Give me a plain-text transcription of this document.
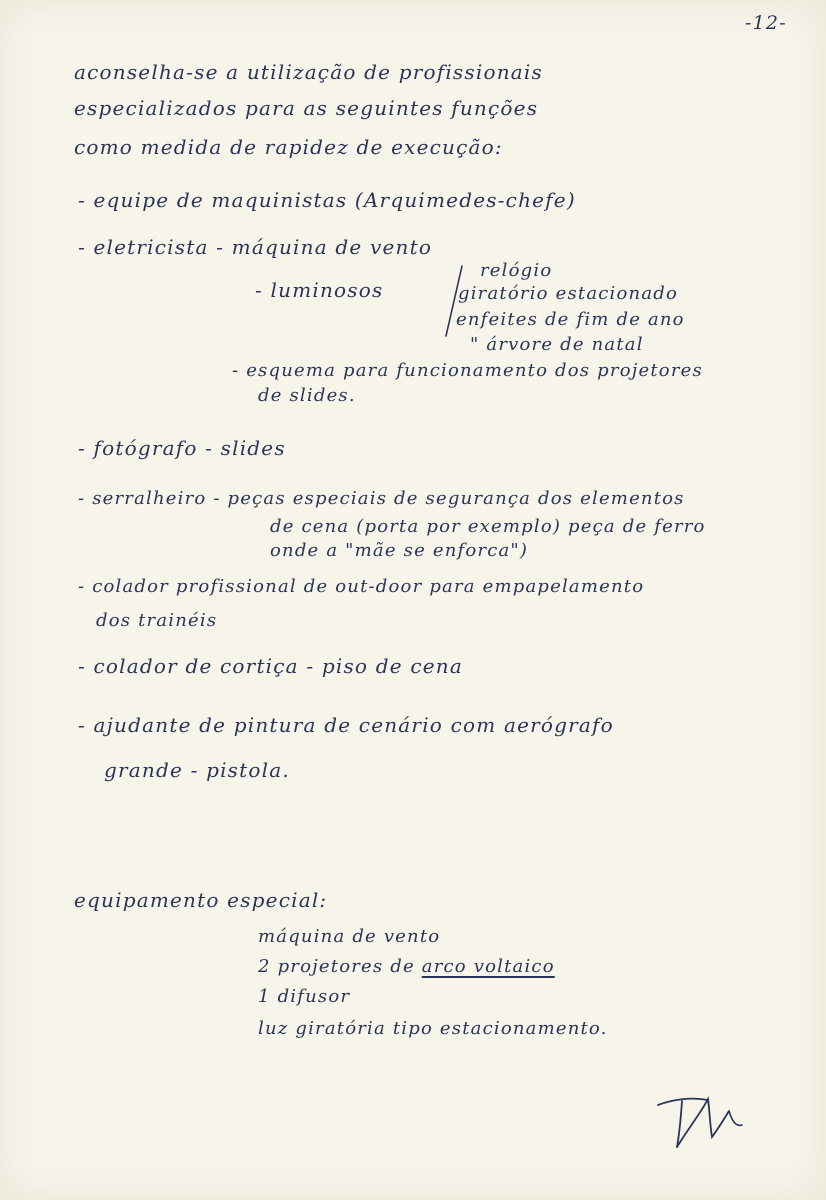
-12-
aconselha-se a utilização de profissionais
especializados para as seguintes funções
como medida de rapidez de execução:
- equipe de maquinistas (Arquimedes-chefe)
- eletricista - máquina de vento
- luminosos
relógio
giratório estacionado
enfeites de fim de ano
" árvore de natal
- esquema para funcionamento dos projetores
de slides.
- fotógrafo - slides
- serralheiro - peças especiais de segurança dos elementos
de cena (porta por exemplo) peça de ferro
onde a "mãe se enforca")
- colador profissional de out-door para empapelamento
dos trainéis
- colador de cortiça - piso de cena
- ajudante de pintura de cenário com aerógrafo
grande - pistola.
equipamento especial:
máquina de vento
2 projetores de arco voltaico
1 difusor
luz giratória tipo estacionamento.
